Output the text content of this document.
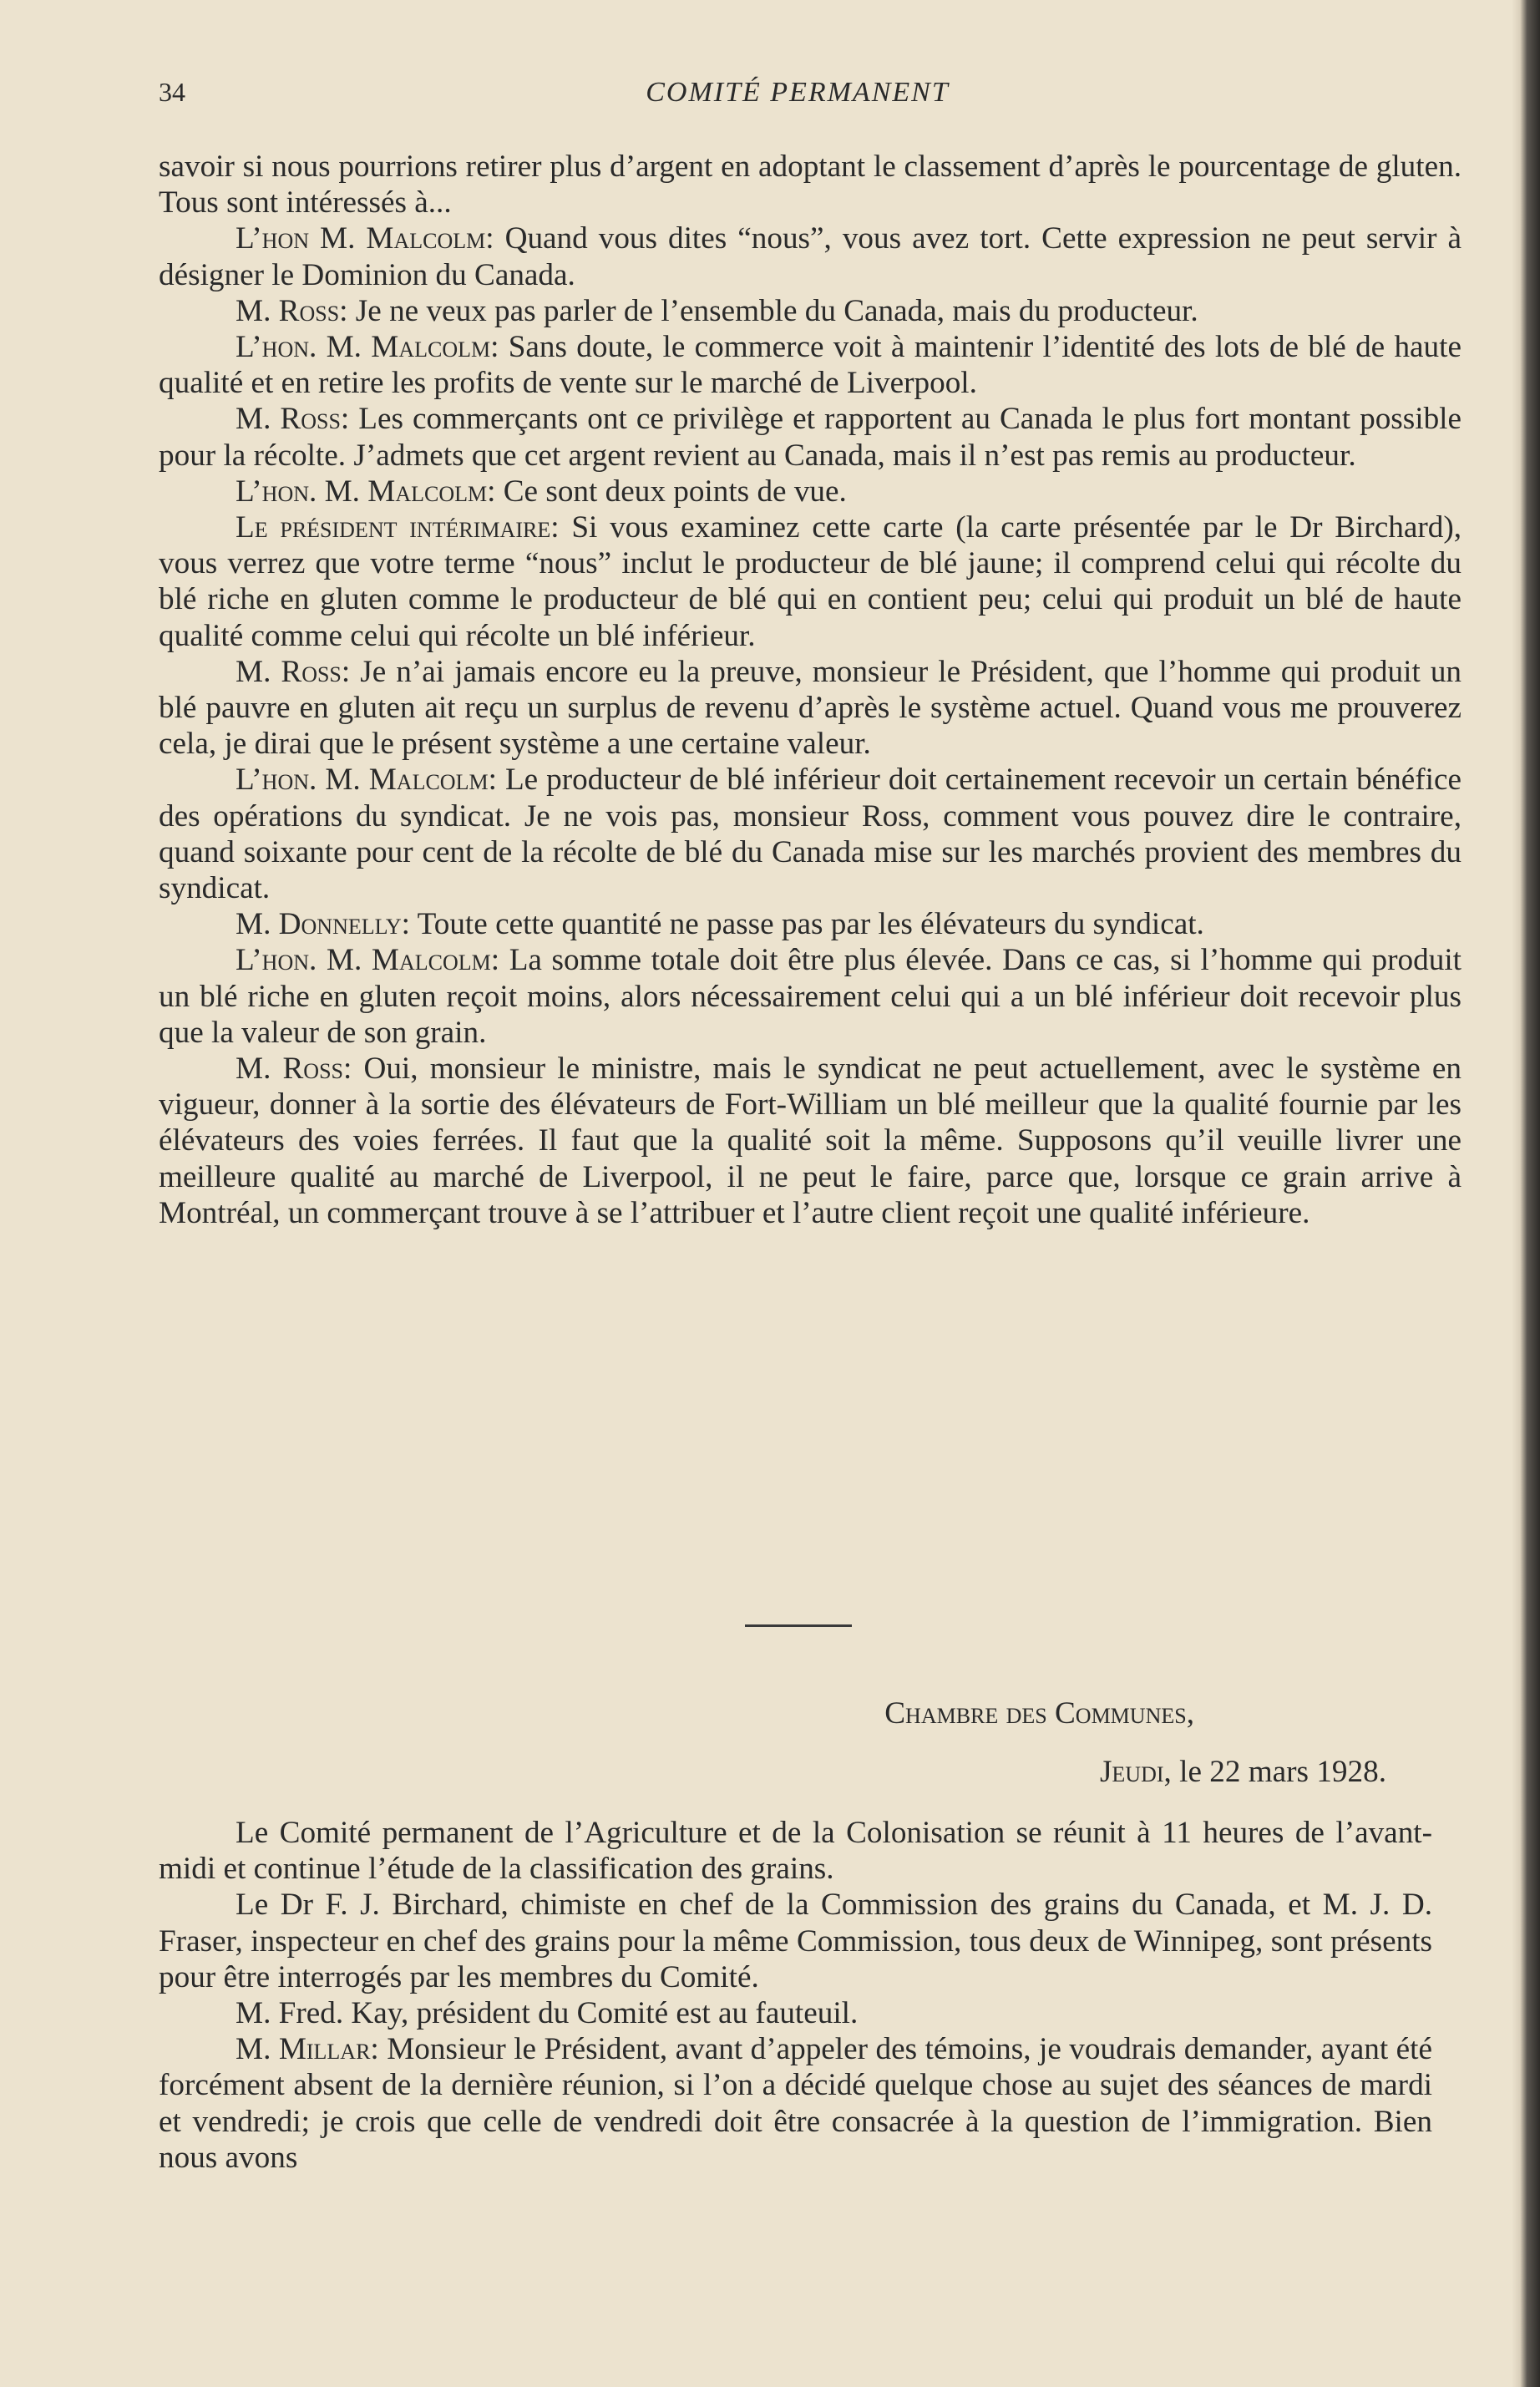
34	COMITÉ PERMANENT

savoir si nous pourrions retirer plus d’argent en adoptant le classement d’après le pourcentage de gluten. Tous sont intéressés à...

L’hon M. Malcolm: Quand vous dites “nous”, vous avez tort. Cette expression ne peut servir à désigner le Dominion du Canada.

M. Ross: Je ne veux pas parler de l’ensemble du Canada, mais du producteur.

L’hon. M. Malcolm: Sans doute, le commerce voit à maintenir l’identité des lots de blé de haute qualité et en retire les profits de vente sur le marché de Liverpool.

M. Ross: Les commerçants ont ce privilège et rapportent au Canada le plus fort montant possible pour la récolte. J’admets que cet argent revient au Canada, mais il n’est pas remis au producteur.

L’hon. M. Malcolm: Ce sont deux points de vue.

Le président intérimaire: Si vous examinez cette carte (la carte présentée par le Dr Birchard), vous verrez que votre terme “nous” inclut le producteur de blé jaune; il comprend celui qui récolte du blé riche en gluten comme le producteur de blé qui en contient peu; celui qui produit un blé de haute qualité comme celui qui récolte un blé inférieur.

M. Ross: Je n’ai jamais encore eu la preuve, monsieur le Président, que l’homme qui produit un blé pauvre en gluten ait reçu un surplus de revenu d’après le système actuel. Quand vous me prouverez cela, je dirai que le présent système a une certaine valeur.

L’hon. M. Malcolm: Le producteur de blé inférieur doit certainement recevoir un certain bénéfice des opérations du syndicat. Je ne vois pas, monsieur Ross, comment vous pouvez dire le contraire, quand soixante pour cent de la récolte de blé du Canada mise sur les marchés provient des membres du syndicat.

M. Donnelly: Toute cette quantité ne passe pas par les élévateurs du syndicat.

L’hon. M. Malcolm: La somme totale doit être plus élevée. Dans ce cas, si l’homme qui produit un blé riche en gluten reçoit moins, alors nécessairement celui qui a un blé inférieur doit recevoir plus que la valeur de son grain.

M. Ross: Oui, monsieur le ministre, mais le syndicat ne peut actuellement, avec le système en vigueur, donner à la sortie des élévateurs de Fort-William un blé meilleur que la qualité fournie par les élévateurs des voies ferrées. Il faut que la qualité soit la même. Supposons qu’il veuille livrer une meilleure qualité au marché de Liverpool, il ne peut le faire, parce que, lorsque ce grain arrive à Montréal, un commerçant trouve à se l’attribuer et l’autre client reçoit une qualité inférieure.

Chambre des Communes,
Jeudi, le 22 mars 1928.

Le Comité permanent de l’Agriculture et de la Colonisation se réunit à 11 heures de l’avant-midi et continue l’étude de la classification des grains.

Le Dr F. J. Birchard, chimiste en chef de la Commission des grains du Canada, et M. J. D. Fraser, inspecteur en chef des grains pour la même Commission, tous deux de Winnipeg, sont présents pour être interrogés par les membres du Comité.

M. Fred. Kay, président du Comité est au fauteuil.

M. Millar: Monsieur le Président, avant d’appeler des témoins, je voudrais demander, ayant été forcément absent de la dernière réunion, si l’on a décidé quelque chose au sujet des séances de mardi et vendredi; je crois que celle de vendredi doit être consacrée à la question de l’immigration. Bien nous avons
